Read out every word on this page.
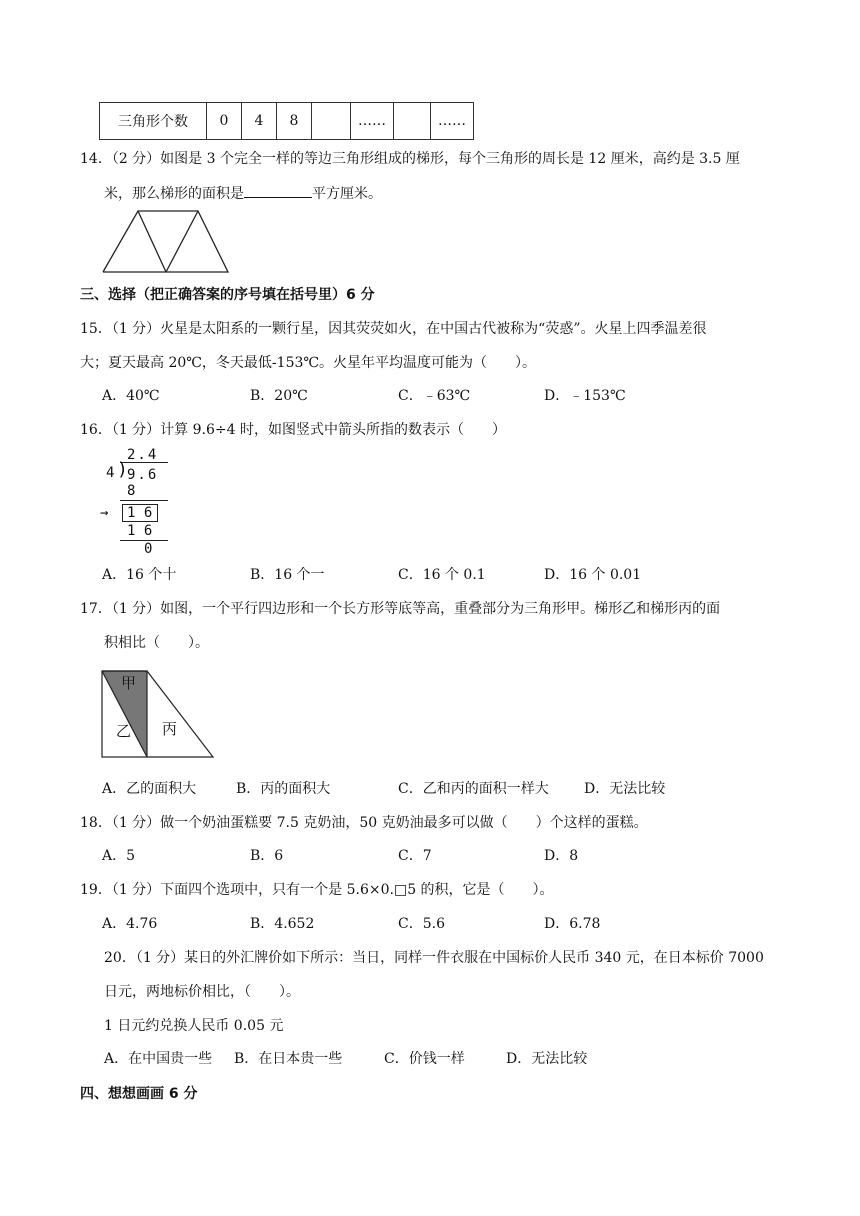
三角形个数	0	4	8		……		……
14．（2 分）如图是 3 个完全一样的等边三角形组成的梯形，每个三角形的周长是 12 厘米，高约是 3.5 厘
米，那么梯形的面积是	平方厘米。
三、选择（把正确答案的序号填在括号里）6 分
15．（1 分）火星是太阳系的一颗行星，因其荧荧如火，在中国古代被称为“荧惑”。火星上四季温差很
大；夏天最高 20℃，冬天最低-153℃。火星年平均温度可能为（　　）。
A．40℃	B．20℃	C．﹣63℃	D．﹣153℃
16．（1 分）计算 9.6÷4 时，如图竖式中箭头所指的数表示（　　）
2.4
4 ) 9.6
8
→ 1 6
1 6
0
A．16 个十	B．16 个一	C．16 个 0.1	D．16 个 0.01
17．（1 分）如图，一个平行四边形和一个长方形等底等高，重叠部分为三角形甲。梯形乙和梯形丙的面
积相比（　　）。
甲
乙 丙
A．乙的面积大	B．丙的面积大	C．乙和丙的面积一样大	D．无法比较
18．（1 分）做一个奶油蛋糕要 7.5 克奶油，50 克奶油最多可以做（　　）个这样的蛋糕。
A．5	B．6	C．7	D．8
19．（1 分）下面四个选项中，只有一个是 5.6×0.□5 的积，它是（　　）。
A．4.76	B．4.652	C．5.6	D．6.78
20．（1 分）某日的外汇牌价如下所示：当日，同样一件衣服在中国标价人民币 340 元，在日本标价 7000
日元，两地标价相比，（　　）。
1 日元约兑换人民币 0.05 元
A．在中国贵一些 B．在日本贵一些	C．价钱一样	D．无法比较
四、想想画画 6 分
